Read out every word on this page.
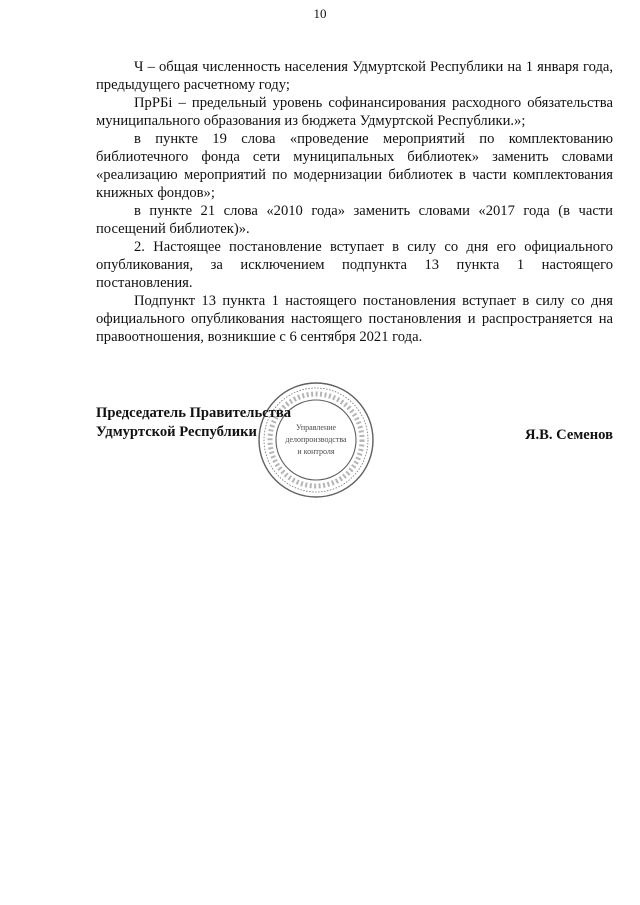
10

Ч – общая численность населения Удмуртской Республики на 1 января года, предыдущего расчетному году;

ПрРБі – предельный уровень софинансирования расходного обязательства муниципального образования из бюджета Удмуртской Республики.»;

в пункте 19 слова «проведение мероприятий по комплектованию библиотечного фонда сети муниципальных библиотек» заменить словами «реализацию мероприятий по модернизации библиотек в части комплектования книжных фондов»;

в пункте 21 слова «2010 года» заменить словами «2017 года (в части посещений библиотек)».

2. Настоящее постановление вступает в силу со дня его официального опубликования, за исключением подпункта 13 пункта 1 настоящего постановления.

Подпункт 13 пункта 1 настоящего постановления вступает в силу со дня официального опубликования настоящего постановления и распространяется на правоотношения, возникшие с 6 сентября 2021 года.

Управление
делопроизводства
и контроля
Председатель Правительства
Удмуртской Республики	Я.В. Семенов
